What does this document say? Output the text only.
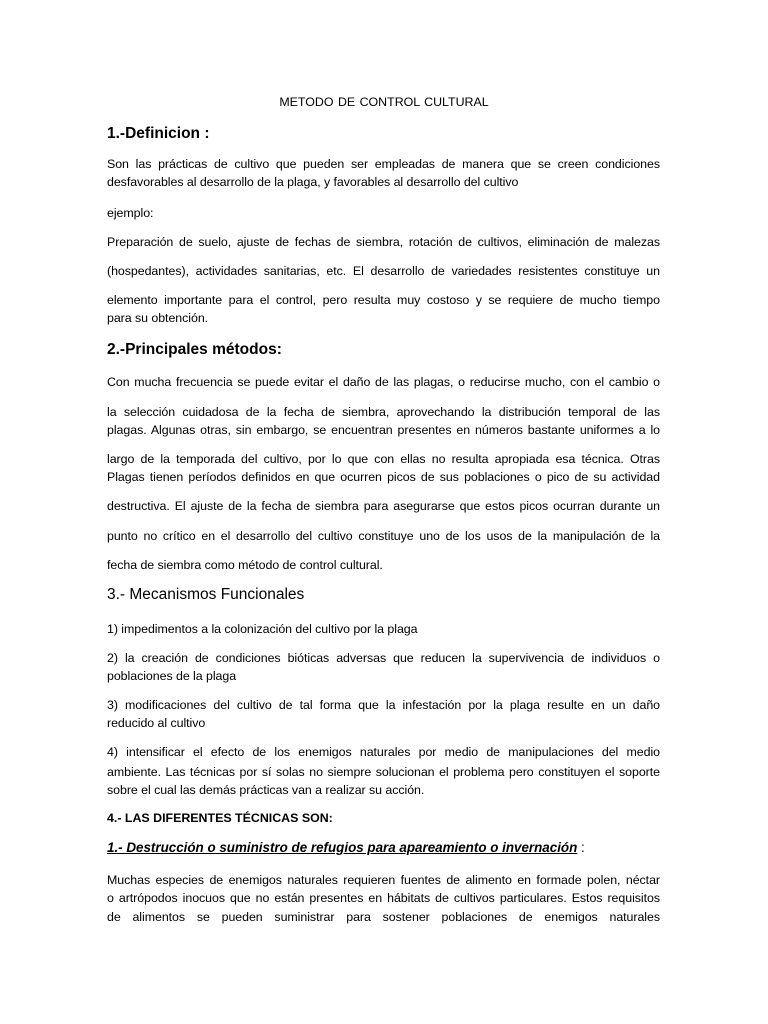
METODO DE CONTROL CULTURAL
1.-Definicion :
Son las prácticas de cultivo que pueden ser empleadas de manera que se creen condiciones
desfavorables al desarrollo de la plaga, y favorables al desarrollo del cultivo
ejemplo:
Preparación de suelo, ajuste de fechas de siembra, rotación de cultivos, eliminación de malezas
(hospedantes), actividades sanitarias, etc. El desarrollo de variedades resistentes constituye un
elemento importante para el control, pero resulta muy costoso y se requiere de mucho tiempo
para su obtención.
2.-Principales métodos:
Con mucha frecuencia se puede evitar el daño de las plagas, o reducirse mucho, con el cambio o
la selección cuidadosa de la fecha de siembra, aprovechando la distribución temporal de las
plagas. Algunas otras, sin embargo, se encuentran presentes en números bastante uniformes a lo
largo de la temporada del cultivo, por lo que con ellas no resulta apropiada esa técnica. Otras
Plagas tienen períodos definidos en que ocurren picos de sus poblaciones o pico de su actividad
destructiva. El ajuste de la fecha de siembra para asegurarse que estos picos ocurran durante un
punto no crítico en el desarrollo del cultivo constituye uno de los usos de la manipulación de la
fecha de siembra como método de control cultural.
3.- Mecanismos Funcionales
1) impedimentos a la colonización del cultivo por la plaga
2) la creación de condiciones bióticas adversas que reducen la supervivencia de individuos o
poblaciones de la plaga
3) modificaciones del cultivo de tal forma que la infestación por la plaga resulte en un daño
reducido al cultivo
4) intensificar el efecto de los enemigos naturales por medio de manipulaciones del medio
ambiente. Las técnicas por sí solas no siempre solucionan el problema pero constituyen el soporte
sobre el cual las demás prácticas van a realizar su acción.
4.- LAS DIFERENTES TÉCNICAS SON:
1.- Destrucción o suministro de refugios para apareamiento o invernación :
Muchas especies de enemigos naturales requieren fuentes de alimento en formade polen, néctar
o artrópodos inocuos que no están presentes en hábitats de cultivos particulares. Estos requisitos
de alimentos se pueden suministrar para sostener poblaciones de enemigos naturales
